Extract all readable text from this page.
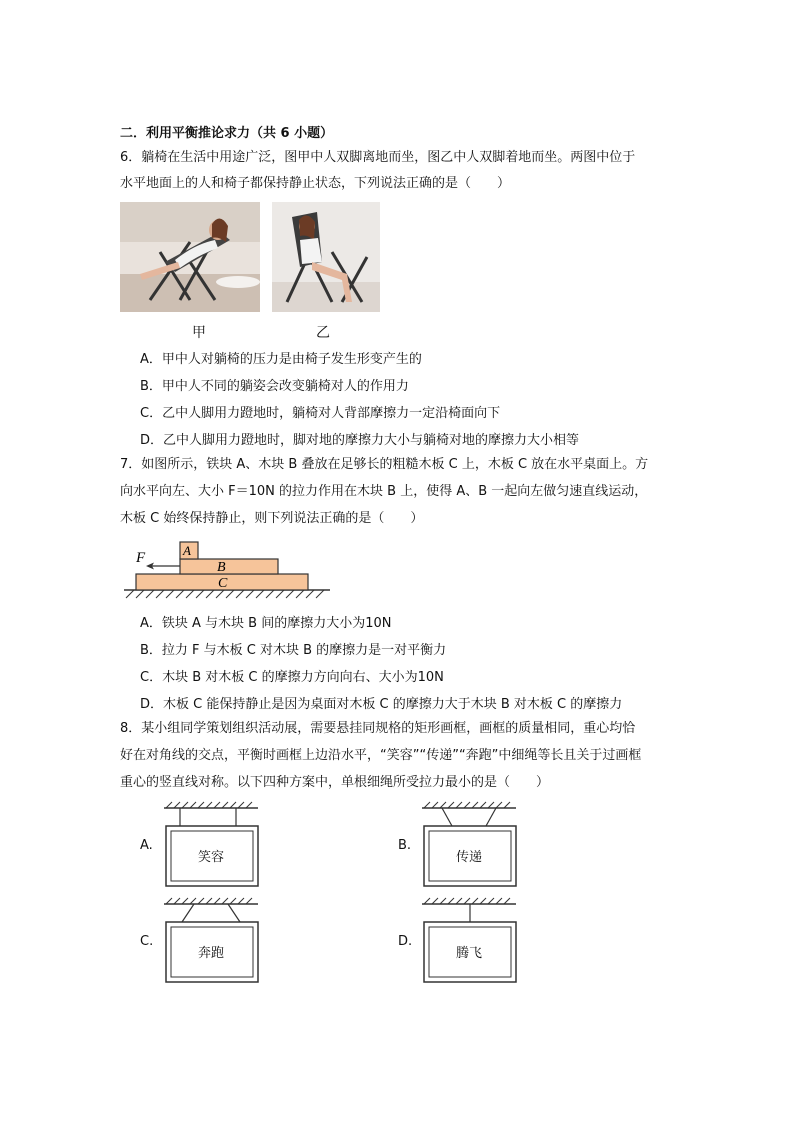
二．利用平衡推论求力（共 6 小题）
6．躺椅在生活中用途广泛，图甲中人双脚离地而坐，图乙中人双脚着地而坐。两图中位于
水平地面上的人和椅子都保持静止状态，下列说法正确的是（　　）
甲	乙
A．甲中人对躺椅的压力是由椅子发生形变产生的
B．甲中人不同的躺姿会改变躺椅对人的作用力
C．乙中人脚用力蹬地时，躺椅对人背部摩擦力一定沿椅面向下
D．乙中人脚用力蹬地时，脚对地的摩擦力大小与躺椅对地的摩擦力大小相等
7．如图所示，铁块 A、木块 B 叠放在足够长的粗糙木板 C 上，木板 C 放在水平桌面上。方
向水平向左、大小 F＝10N 的拉力作用在木块 B 上，使得 A、B 一起向左做匀速直线运动，
木板 C 始终保持静止，则下列说法正确的是（　　）
F	A
B
C
A．铁块 A 与木块 B 间的摩擦力大小为10N
B．拉力 F 与木板 C 对木块 B 的摩擦力是一对平衡力
C．木块 B 对木板 C 的摩擦力方向向右、大小为10N
D．木板 C 能保持静止是因为桌面对木板 C 的摩擦力大于木块 B 对木板 C 的摩擦力
8．某小组同学策划组织活动展，需要悬挂同规格的矩形画框，画框的质量相同，重心均恰
好在对角线的交点，平衡时画框上边沿水平，“笑容”“传递”“奔跑”中细绳等长且关于过画框
重心的竖直线对称。以下四种方案中，单根细绳所受拉力最小的是（　　）
A.
笑容
B.
传递
C.
奔跑
D.
腾飞
